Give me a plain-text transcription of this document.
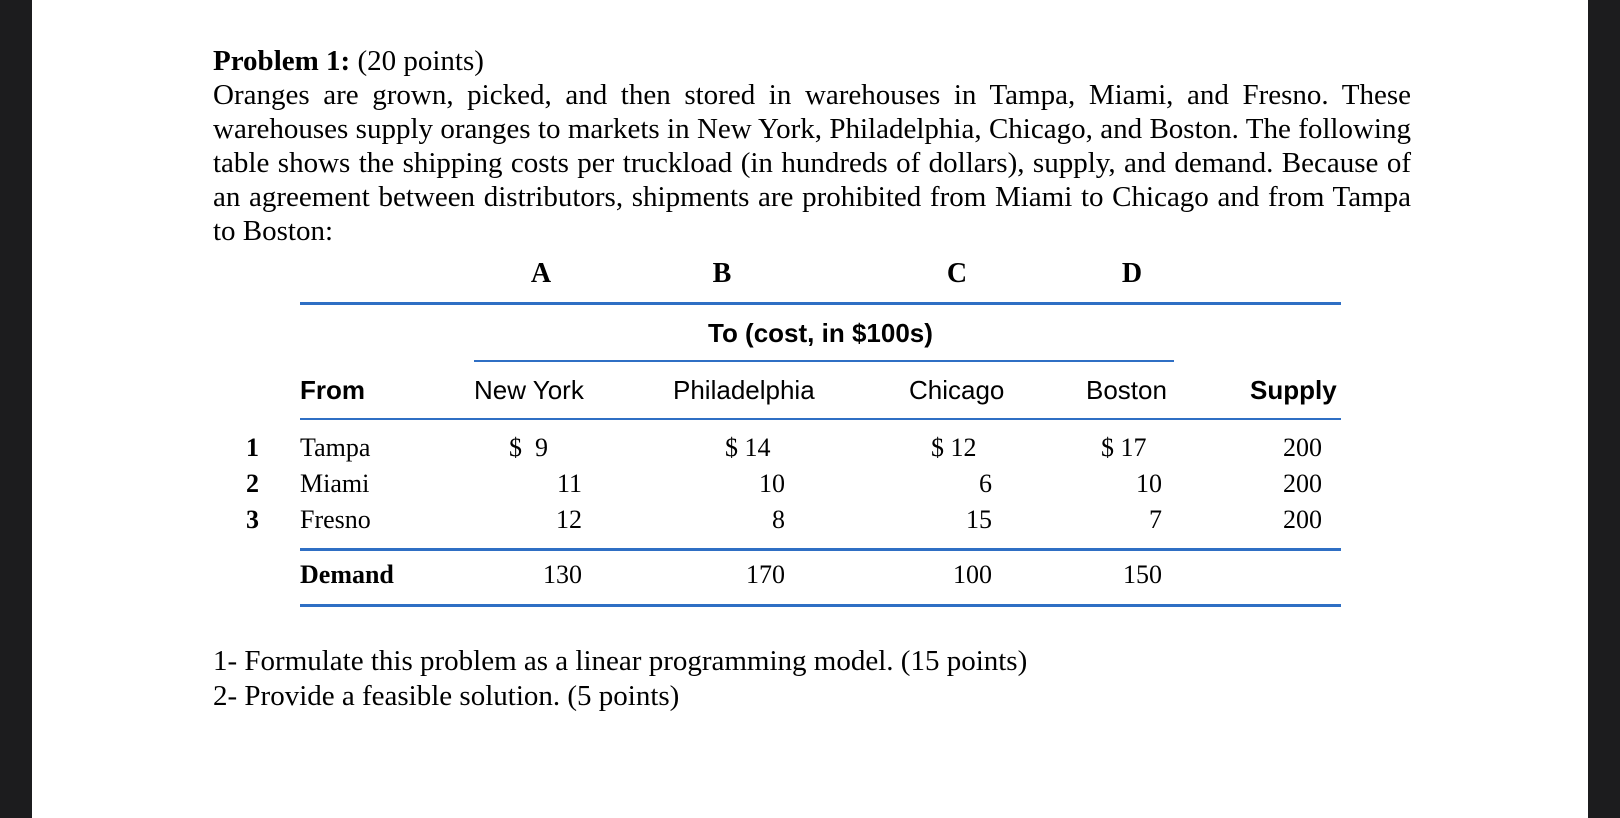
Problem 1: (20 points)
Oranges are grown, picked, and then stored in warehouses in Tampa, Miami, and Fresno. These warehouses supply oranges to markets in New York, Philadelphia, Chicago, and Boston. The following table shows the shipping costs per truckload (in hundreds of dollars), supply, and demand. Because of an agreement between distributors, shipments are prohibited from Miami to Chicago and from Tampa to Boston:
A	B	C	D
To (cost, in $100s)
From	New York	Philadelphia	Chicago	Boston	Supply
1 Tampa	$  9	$ 14	$ 12	$ 17	200
2 Miami	11	10	6	10	200
3 Fresno	12	8	15	7	200
Demand	130	170	100	150
1- Formulate this problem as a linear programming model. (15 points)
2- Provide a feasible solution. (5 points)
